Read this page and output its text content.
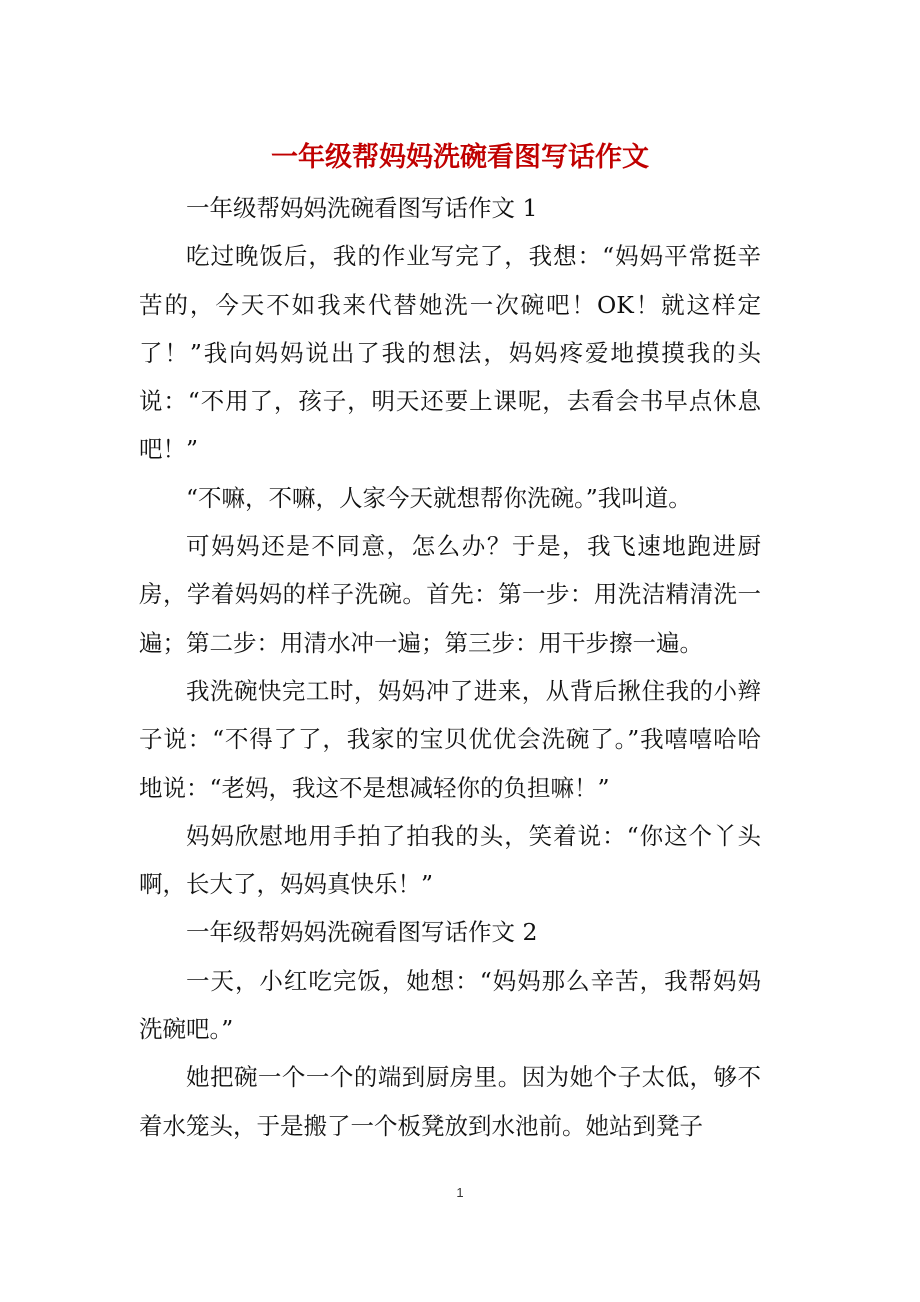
一年级帮妈妈洗碗看图写话作文

一年级帮妈妈洗碗看图写话作文 1

吃过晚饭后，我的作业写完了，我想：“妈妈平常挺辛苦的，今天不如我来代替她洗一次碗吧！OK！就这样定了！”我向妈妈说出了我的想法，妈妈疼爱地摸摸我的头说：“不用了，孩子，明天还要上课呢，去看会书早点休息吧！”

“不嘛，不嘛，人家今天就想帮你洗碗。”我叫道。

可妈妈还是不同意，怎么办？于是，我飞速地跑进厨房，学着妈妈的样子洗碗。首先：第一步：用洗洁精清洗一遍；第二步：用清水冲一遍；第三步：用干步擦一遍。

我洗碗快完工时，妈妈冲了进来，从背后揪住我的小辫子说：“不得了了，我家的宝贝优优会洗碗了。”我嘻嘻哈哈地说：“老妈，我这不是想减轻你的负担嘛！”

妈妈欣慰地用手拍了拍我的头，笑着说：“你这个丫头啊，长大了，妈妈真快乐！”

一年级帮妈妈洗碗看图写话作文 2

一天，小红吃完饭，她想：“妈妈那么辛苦，我帮妈妈洗碗吧。”

她把碗一个一个的端到厨房里。因为她个子太低，够不着水笼头，于是搬了一个板凳放到水池前。她站到凳子

1
